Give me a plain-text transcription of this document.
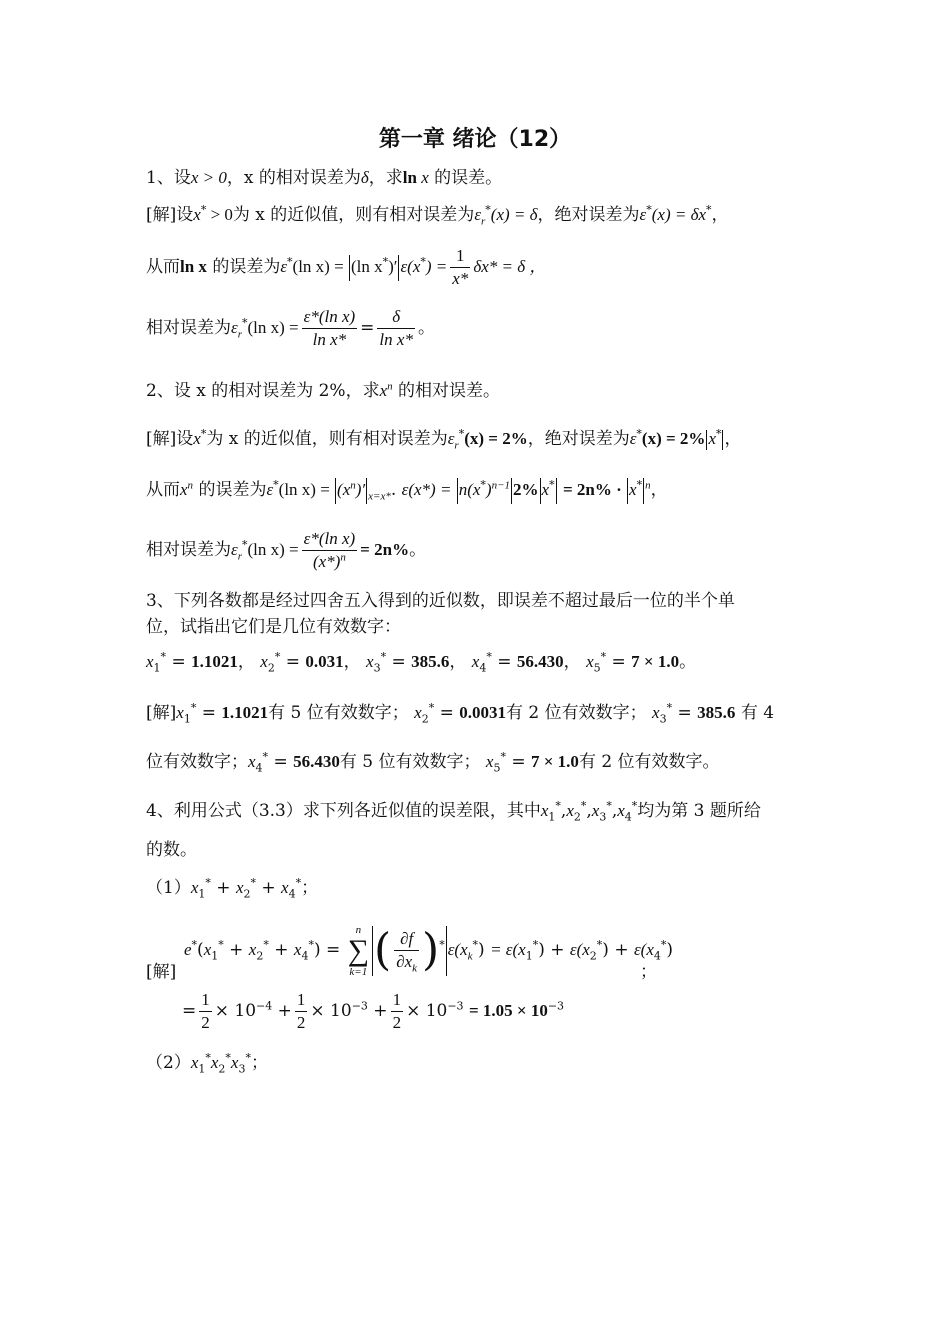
第一章 绪论（12）
1、设x > 0，x 的相对误差为δ，求ln x 的误差。
[解]设x* > 0为 x 的近似值，则有相对误差为$\varepsilon_r^*(x) = \delta$，绝对误差为ε*(x) = δx*，
从而ln x 的误差为ε*(ln x) = (ln x*)′ $\varepsilon(x^*) = \frac{1}{x*} \delta x* = \delta$ ，
相对误差为$\varepsilon_r^*(\ln$ $x) = \frac{\text{ε*(ln x)}}{\text{ln x*}} = \frac{\delta}{\text{ln x*}}$ 。
2、设 x 的相对误差为 2%，求$x^n$ 的相对误差。
[解]设x*为 x 的近似值，则有相对误差为$\varepsilon_r^*(x) = 2\%$，绝对误差为ε*(x) = 2% x* ，
从而$x^n$ 的误差为ε*(ln $x) = (x^n)'$ $_{x=x*}$. $\varepsilon(x*) = n(x^*)^{n-1}$ 2% x* = 2n% · x* $^n$，
相对误差为$\varepsilon_r^*(\ln$ $x) = \frac{\text{ε*(ln x)}}{(x*)^n} = 2n\%$。
3、下列各数都是经过四舍五入得到的近似数，即误差不超过最后一位的半个单
位，试指出它们是几位有效数字：
$x_1^* = 1.1021$， $x_2^* = 0.031$， $x_3^* = 385.6$， $x_4^* = 56.430$， $x_5^* = 7 \times 1.0$。
[解]$x_1^* = 1.1021$有 5 位有效数字； $x_2^* = 0.0031$有 2 位有效数字； $x_3^* = 385.6$ 有 4
位有效数字；$x_4^* = 56.430$有 5 位有效数字； $x_5^* = 7 \times 1.0$有 2 位有效数字。
4、利用公式（3.3）求下列各近似值的误差限，其中$x_1^*,x_2^*,x_3^*,x_4^*$均为第 3 题所给
的数。
$(1)x_1^* + x_2^* + x_4^*$；
[解]
$e^*(x_1^* + x_2^* + x_4^*)$ =
n
∑
k=1 ( $\frac{\partial f}{\partial x_k} )^*$ $\varepsilon(x_k^*) = \varepsilon(x_1^*) + \varepsilon(x_2^*) + \varepsilon(x_4^*)$
；
= $\frac{1}{2} \times 10^{-4} + \frac{1}{2} \times 10^{-3} + \frac{1}{2} \times 10^{-3} = 1.05 \times 10^{-3}$
$(2)x_1^*x_2^*x_3^*$；
